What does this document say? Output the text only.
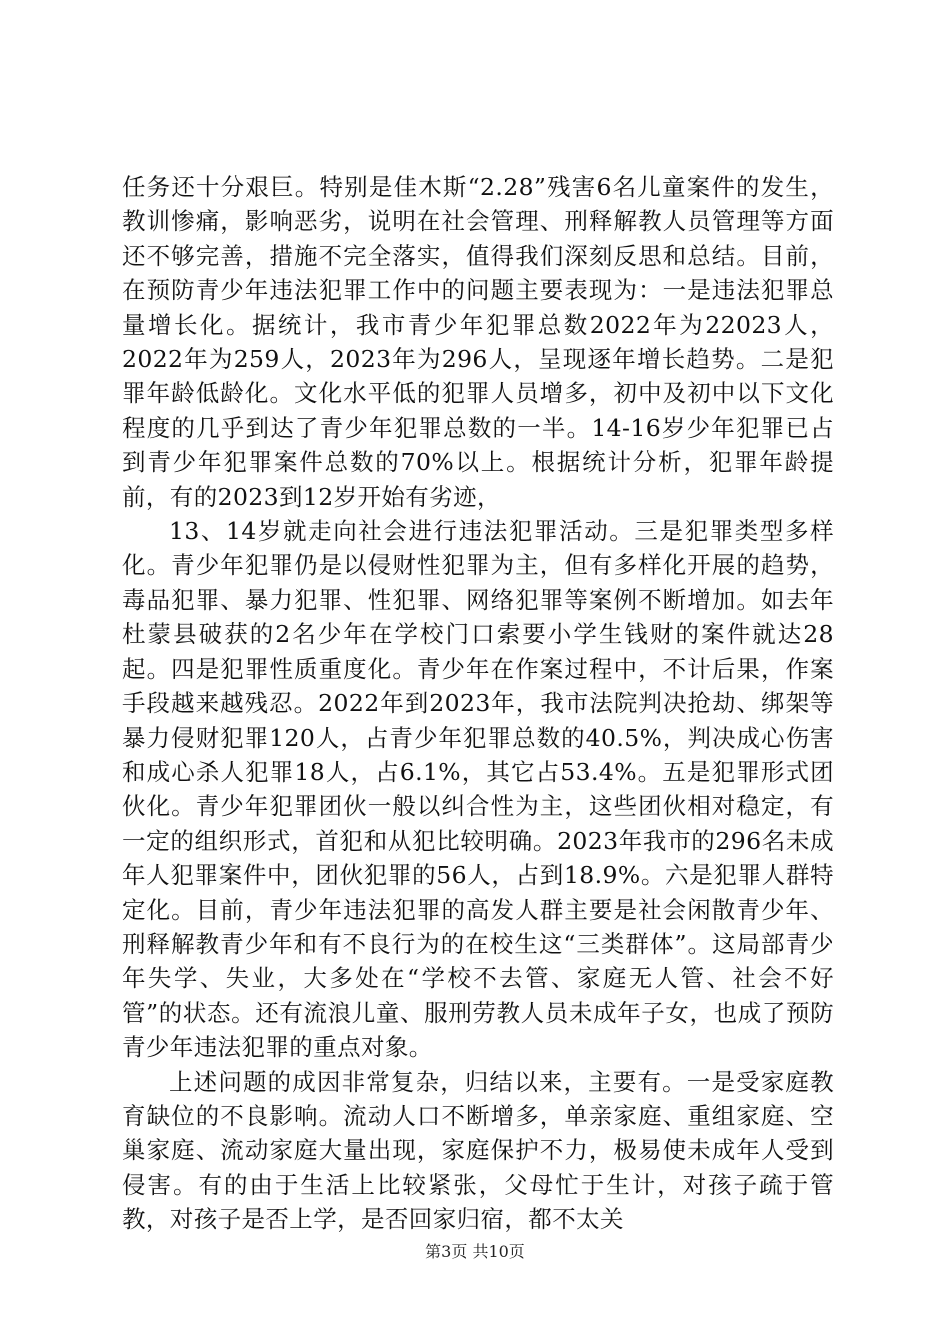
任务还十分艰巨。特别是佳木斯“2.28”残害6名儿童案件的发生，教训惨痛，影响恶劣，说明在社会管理、刑释解教人员管理等方面还不够完善，措施不完全落实，值得我们深刻反思和总结。目前，在预防青少年违法犯罪工作中的问题主要表现为：一是违法犯罪总量增长化。据统计，我市青少年犯罪总数2022年为22023人，2022年为259人，2023年为296人，呈现逐年增长趋势。二是犯罪年龄低龄化。文化水平低的犯罪人员增多，初中及初中以下文化程度的几乎到达了青少年犯罪总数的一半。14-16岁少年犯罪已占到青少年犯罪案件总数的70%以上。根据统计分析，犯罪年龄提前，有的2023到12岁开始有劣迹，

13、14岁就走向社会进行违法犯罪活动。三是犯罪类型多样化。青少年犯罪仍是以侵财性犯罪为主，但有多样化开展的趋势，毒品犯罪、暴力犯罪、性犯罪、网络犯罪等案例不断增加。如去年杜蒙县破获的2名少年在学校门口索要小学生钱财的案件就达28起。四是犯罪性质重度化。青少年在作案过程中，不计后果，作案手段越来越残忍。2022年到2023年，我市法院判决抢劫、绑架等暴力侵财犯罪120人，占青少年犯罪总数的40.5%，判决成心伤害和成心杀人犯罪18人，占6.1%，其它占53.4%。五是犯罪形式团伙化。青少年犯罪团伙一般以纠合性为主，这些团伙相对稳定，有一定的组织形式，首犯和从犯比较明确。2023年我市的296名未成年人犯罪案件中，团伙犯罪的56人，占到18.9%。六是犯罪人群特定化。目前，青少年违法犯罪的高发人群主要是社会闲散青少年、刑释解教青少年和有不良行为的在校生这“三类群体”。这局部青少年失学、失业，大多处在“学校不去管、家庭无人管、社会不好管”的状态。还有流浪儿童、服刑劳教人员未成年子女，也成了预防青少年违法犯罪的重点对象。

上述问题的成因非常复杂，归结以来，主要有。一是受家庭教育缺位的不良影响。流动人口不断增多，单亲家庭、重组家庭、空巢家庭、流动家庭大量出现，家庭保护不力，极易使未成年人受到侵害。有的由于生活上比较紧张，父母忙于生计，对孩子疏于管教，对孩子是否上学，是否回家归宿，都不太关

第3页 共10页
